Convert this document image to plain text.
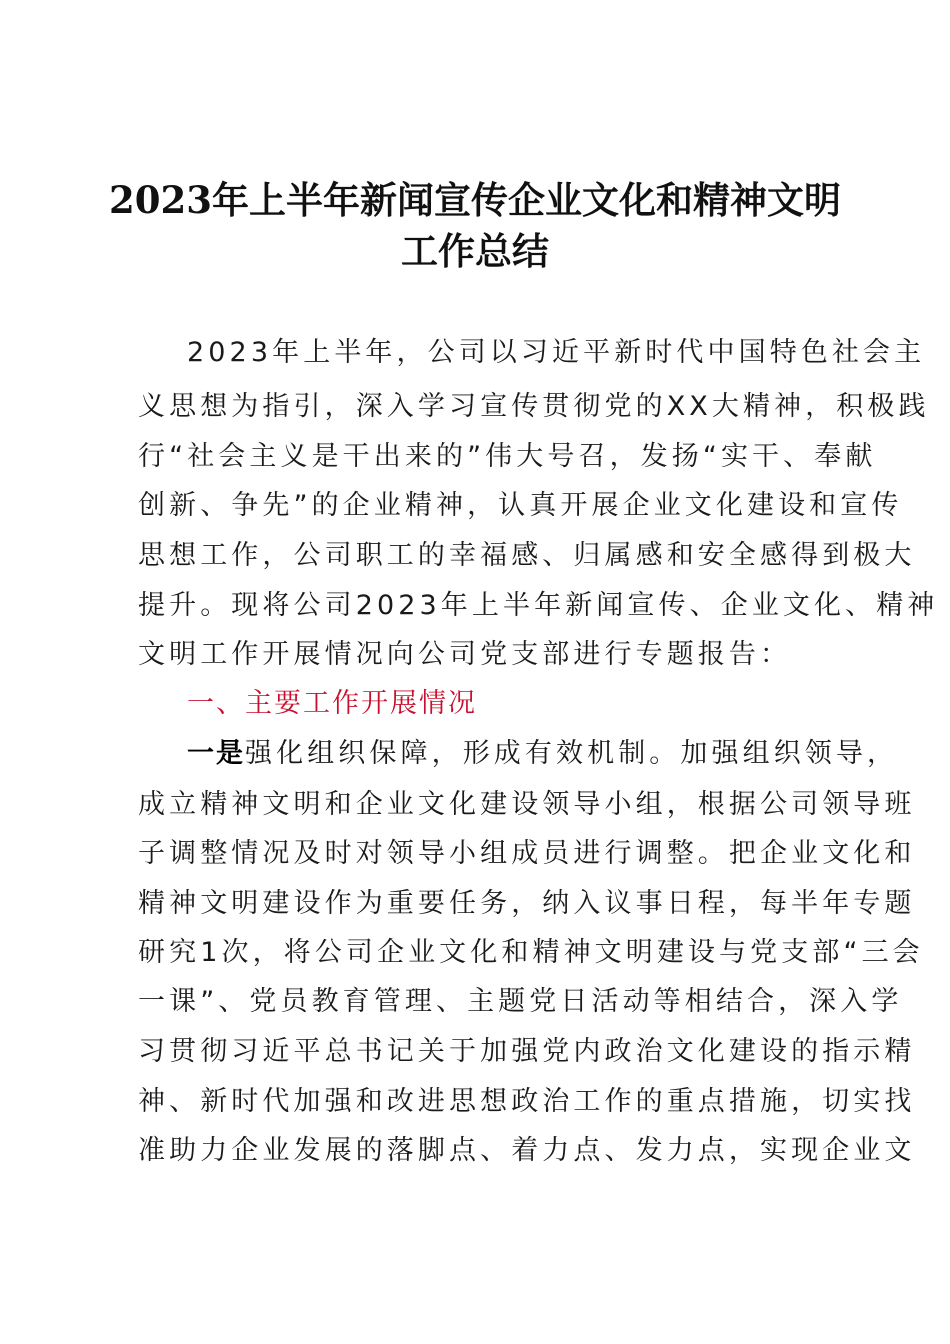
2023年上半年新闻宣传企业文化和精神文明
工作总结
2023年上半年，公司以习近平新时代中国特色社会主
义思想为指引，深入学习宣传贯彻党的XX大精神，积极践
行“社会主义是干出来的”伟大号召，发扬“实干、奉献
创新、争先”的企业精神，认真开展企业文化建设和宣传
思想工作，公司职工的幸福感、归属感和安全感得到极大
提升。现将公司2023年上半年新闻宣传、企业文化、精神
文明工作开展情况向公司党支部进行专题报告：
一、主要工作开展情况
一是强化组织保障，形成有效机制。加强组织领导，
成立精神文明和企业文化建设领导小组，根据公司领导班
子调整情况及时对领导小组成员进行调整。把企业文化和
精神文明建设作为重要任务，纳入议事日程，每半年专题
研究1次，将公司企业文化和精神文明建设与党支部“三会
一课”、党员教育管理、主题党日活动等相结合，深入学
习贯彻习近平总书记关于加强党内政治文化建设的指示精
神、新时代加强和改进思想政治工作的重点措施，切实找
准助力企业发展的落脚点、着力点、发力点，实现企业文
